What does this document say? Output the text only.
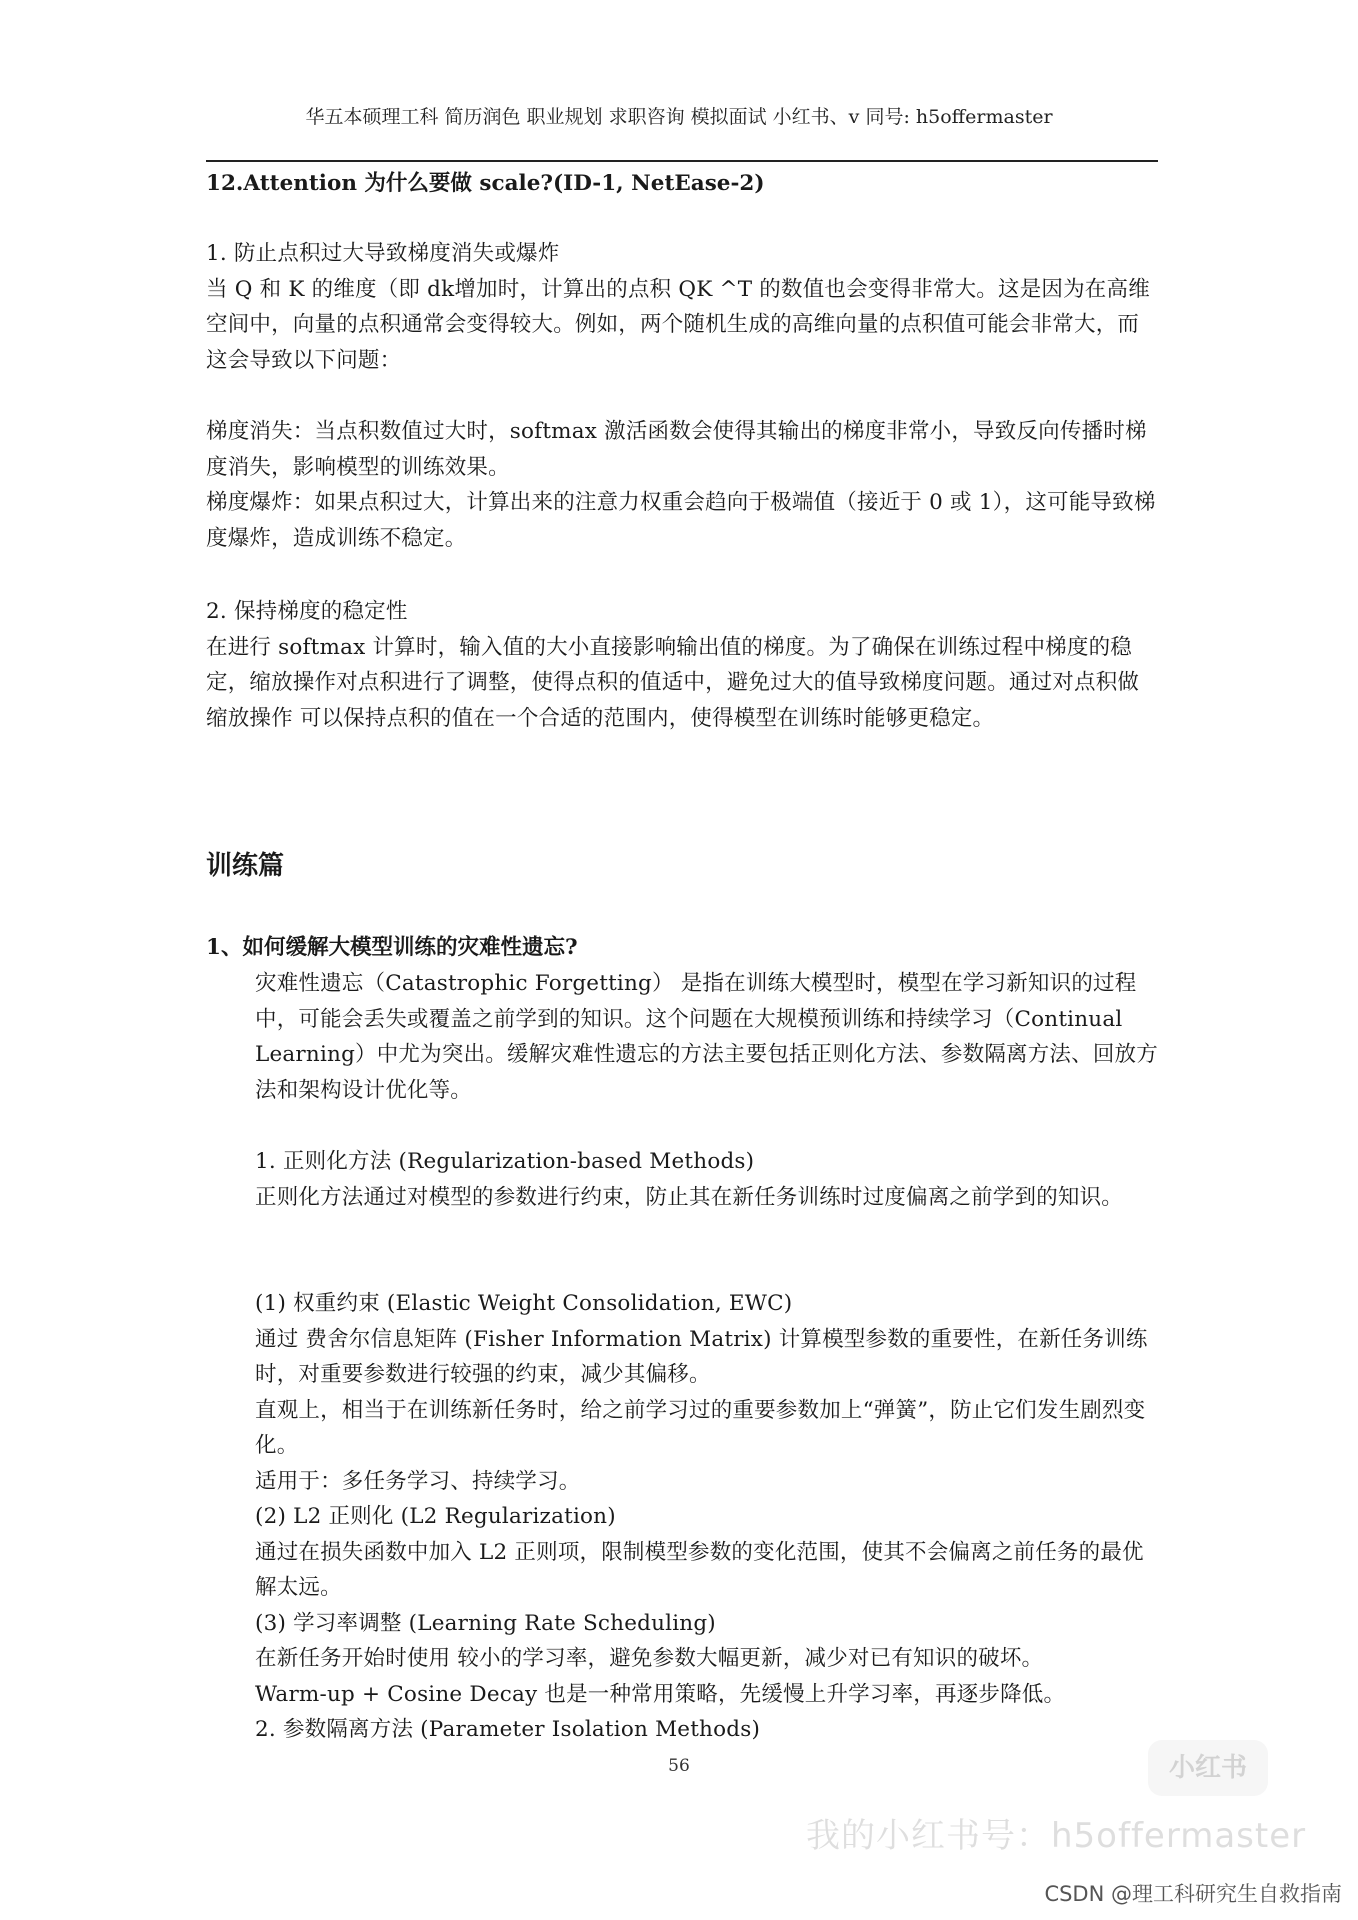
华五本硕理工科 简历润色 职业规划 求职咨询 模拟面试 小红书、v 同号: h5offermaster

12.Attention 为什么要做 scale?(ID-1, NetEase-2)

1. 防止点积过大导致梯度消失或爆炸

当 Q 和 K 的维度（即 dk增加时，计算出的点积 QK ^T 的数值也会变得非常大。这是因为在高维空间中，向量的点积通常会变得较大。例如，两个随机生成的高维向量的点积值可能会非常大，而这会导致以下问题：

梯度消失：当点积数值过大时，softmax 激活函数会使得其输出的梯度非常小，导致反向传播时梯度消失，影响模型的训练效果。

梯度爆炸：如果点积过大，计算出来的注意力权重会趋向于极端值（接近于 0 或 1），这可能导致梯度爆炸，造成训练不稳定。

2. 保持梯度的稳定性

在进行 softmax 计算时，输入值的大小直接影响输出值的梯度。为了确保在训练过程中梯度的稳定，缩放操作对点积进行了调整，使得点积的值适中，避免过大的值导致梯度问题。通过对点积做缩放操作 可以保持点积的值在一个合适的范围内，使得模型在训练时能够更稳定。

训练篇

1、如何缓解大模型训练的灾难性遗忘?

灾难性遗忘（Catastrophic Forgetting） 是指在训练大模型时，模型在学习新知识的过程中，可能会丢失或覆盖之前学到的知识。这个问题在大规模预训练和持续学习（Continual Learning）中尤为突出。缓解灾难性遗忘的方法主要包括正则化方法、参数隔离方法、回放方法和架构设计优化等。

1. 正则化方法 (Regularization-based Methods)

正则化方法通过对模型的参数进行约束，防止其在新任务训练时过度偏离之前学到的知识。

(1) 权重约束 (Elastic Weight Consolidation, EWC)

通过 费舍尔信息矩阵 (Fisher Information Matrix) 计算模型参数的重要性，在新任务训练时，对重要参数进行较强的约束，减少其偏移。

直观上，相当于在训练新任务时，给之前学习过的重要参数加上“弹簧”，防止它们发生剧烈变化。

适用于：多任务学习、持续学习。

(2) L2 正则化 (L2 Regularization)

通过在损失函数中加入 L2 正则项，限制模型参数的变化范围，使其不会偏离之前任务的最优解太远。

(3) 学习率调整 (Learning Rate Scheduling)

在新任务开始时使用 较小的学习率，避免参数大幅更新，减少对已有知识的破坏。

Warm-up + Cosine Decay 也是一种常用策略，先缓慢上升学习率，再逐步降低。

2. 参数隔离方法 (Parameter Isolation Methods)

56	小红书
我的小红书号：h5offermaster
CSDN @理工科研究生自救指南
